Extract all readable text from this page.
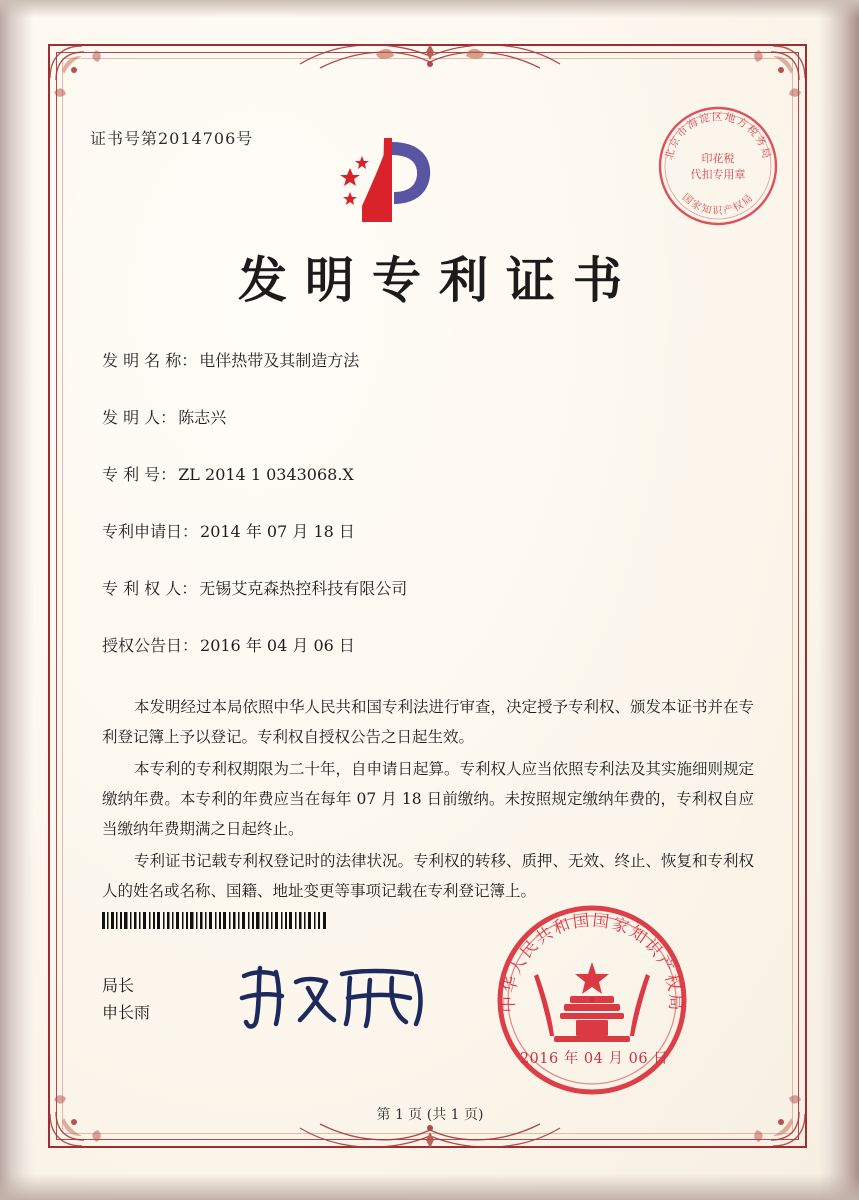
证书号第2014706号
北京市海淀区地方税务局
国家知识产权局
印花税
代扣专用章
发明专利证书
发 明 名 称： 电伴热带及其制造方法
发 明 人： 陈志兴
专 利 号： ZL 2014 1 0343068.X
专利申请日： 2014 年 07 月 18 日
专 利 权 人： 无锡艾克森热控科技有限公司
授权公告日： 2016 年 04 月 06 日

本发明经过本局依照中华人民共和国专利法进行审查，决定授予专利权、颁发本证书并在专利登记簿上予以登记。专利权自授权公告之日起生效。

本专利的专利权期限为二十年，自申请日起算。专利权人应当依照专利法及其实施细则规定缴纳年费。本专利的年费应当在每年 07 月 18 日前缴纳。未按照规定缴纳年费的，专利权自应当缴纳年费期满之日起终止。

专利证书记载专利权登记时的法律状况。专利权的转移、质押、无效、终止、恢复和专利权人的姓名或名称、国籍、地址变更等事项记载在专利登记簿上。

局长
申长雨	中华人民共和国国家知识产权局
2016 年 04 月 06 日
第 1 页 (共 1 页)
